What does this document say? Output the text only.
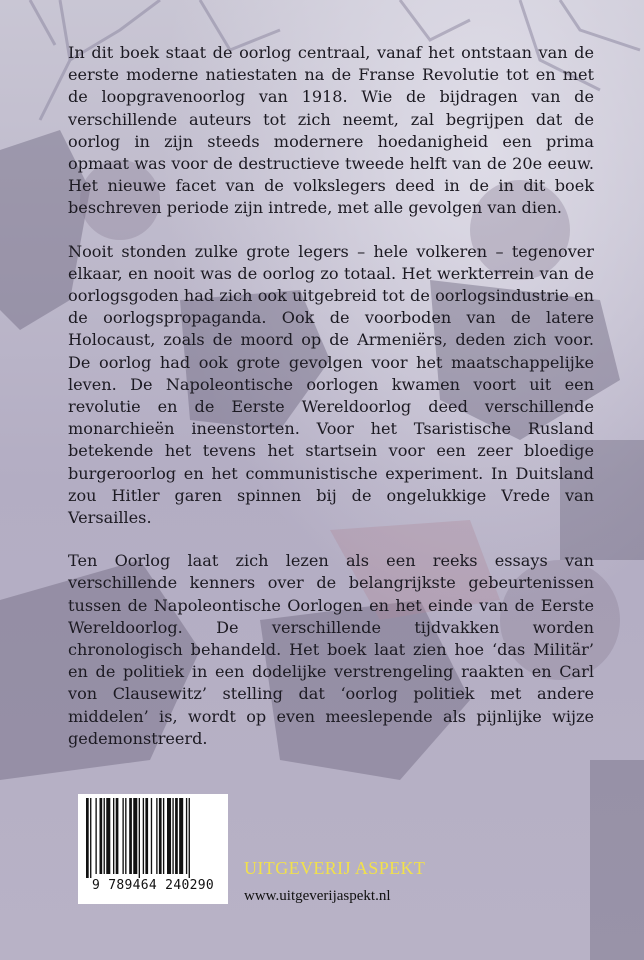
In dit boek staat de oorlog centraal, vanaf het ontstaan van de eerste moderne natiestaten na de Franse Revolutie tot en met de loopgravenoorlog van 1918. Wie de bijdragen van de verschillende auteurs tot zich neemt, zal begrijpen dat de oorlog in zijn steeds modernere hoedanigheid een prima opmaat was voor de destructieve tweede helft van de 20e eeuw. Het nieuwe facet van de volkslegers deed in de in dit boek beschreven periode zijn intrede, met alle gevolgen van dien.

Nooit stonden zulke grote legers – hele volkeren – tegenover elkaar, en nooit was de oorlog zo totaal. Het werkterrein van de oorlogsgoden had zich ook uitgebreid tot de oorlogsindustrie en de oorlogspropaganda. Ook de voorboden van de latere Holocaust, zoals de moord op de Armeniërs, deden zich voor. De oorlog had ook grote gevolgen voor het maatschappelijke leven. De Napoleontische oorlogen kwamen voort uit een revolutie en de Eerste Wereldoorlog deed verschillende monarchieën ineenstorten. Voor het Tsaristische Rusland betekende het tevens het startsein voor een zeer bloedige burgeroorlog en het communistische experiment. In Duitsland zou Hitler garen spinnen bij de ongelukkige Vrede van Versailles.

Ten Oorlog laat zich lezen als een reeks essays van verschillende kenners over de belangrijkste gebeurtenissen tussen de Napoleontische Oorlogen en het einde van de Eerste Wereldoorlog. De verschillende tijdvakken worden chronologisch behandeld. Het boek laat zien hoe ‘das Militär’ en de politiek in een dodelijke verstrengeling raakten en Carl von Clausewitz’ stelling dat ‘oorlog politiek met andere middelen’ is, wordt op even meeslepende als pijnlijke wijze gedemonstreerd.

9 789464 240290
UITGEVERIJ ASPEKT
www.uitgeverijaspekt.nl
